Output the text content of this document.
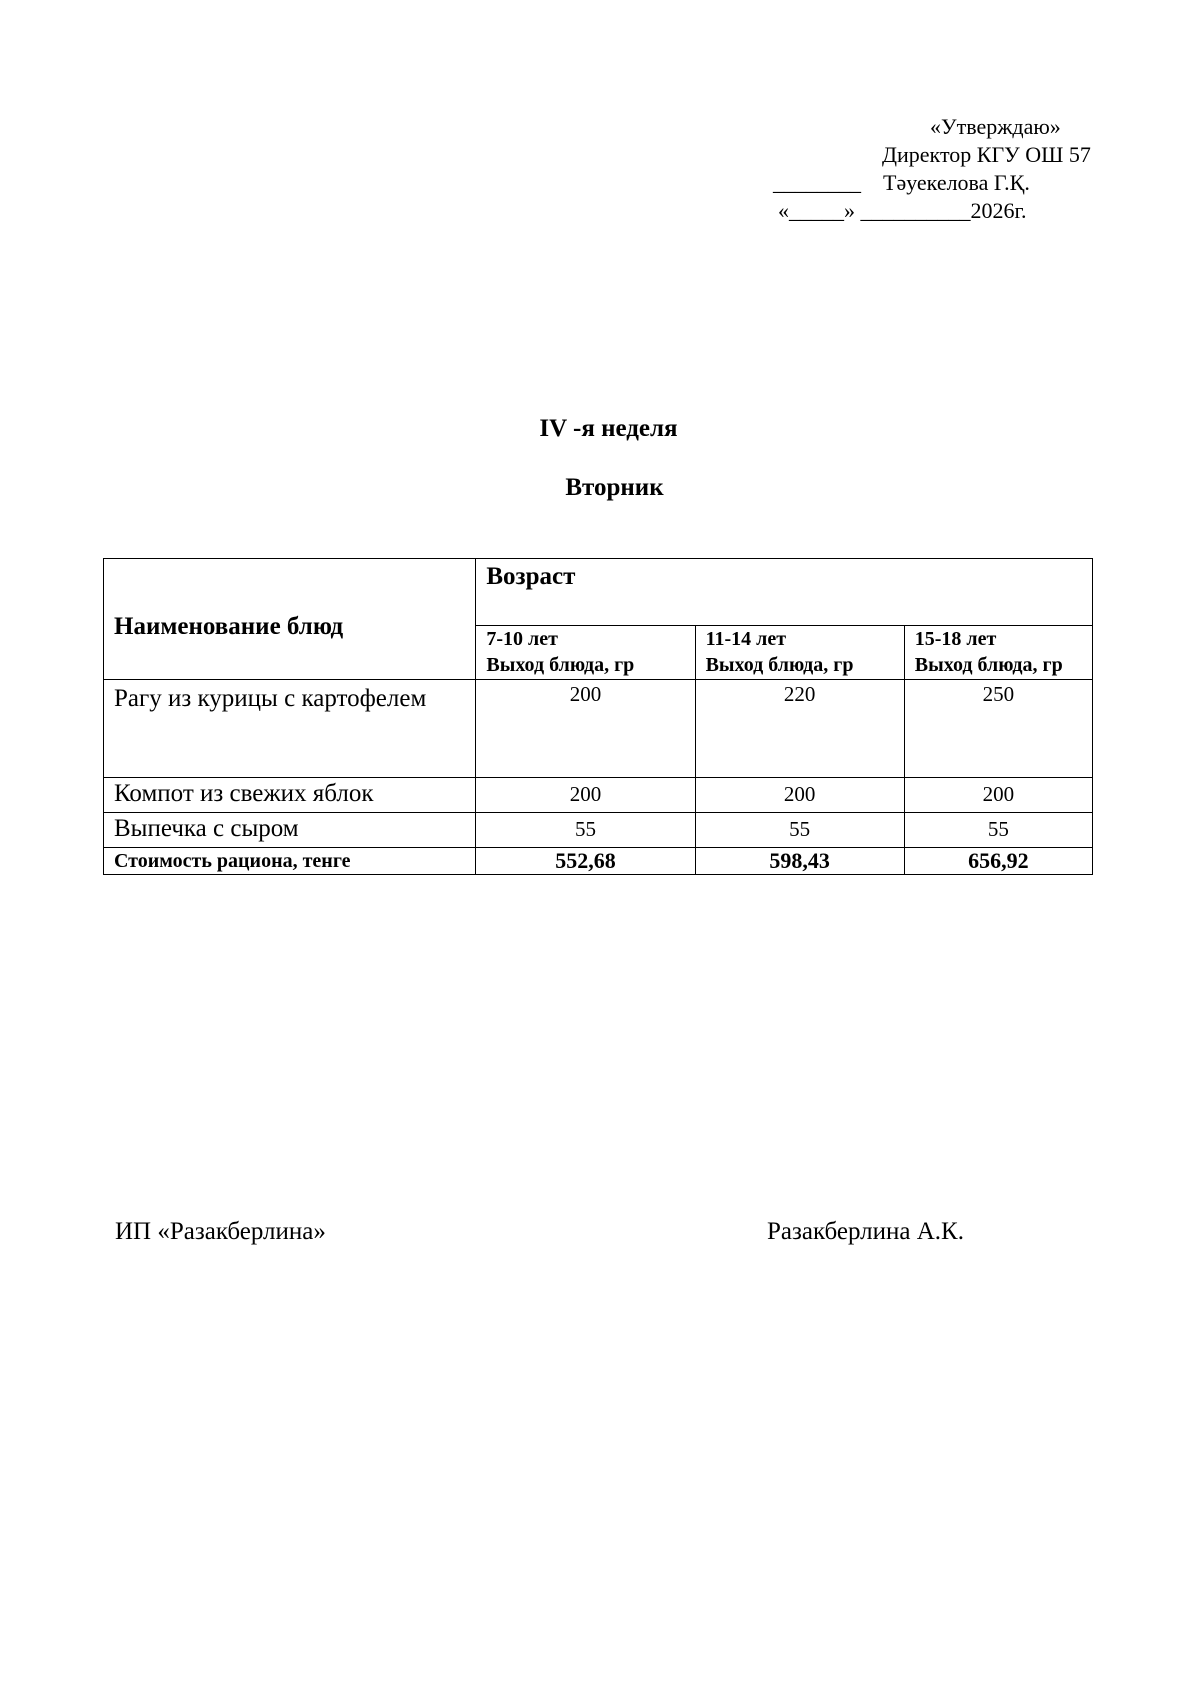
«Утверждаю»
Директор КГУ ОШ 57
________    Тәуекелова Г.Қ.
«_____» __________2026г.
IV -я неделя
Вторник
Наименование блюд	Возраст		
	7-10 лет	11-14 лет	15-18 лет
	Выход блюда, гр	Выход блюда, гр	Выход блюда, гр
Рагу из курицы с картофелем	200	220	250
Компот из свежих яблок	200	200	200
Выпечка с сыром	55	55	55
Стоимость рациона, тенге	552,68	598,43	656,92
ИП «Разакберлина»	Разакберлина А.К.
